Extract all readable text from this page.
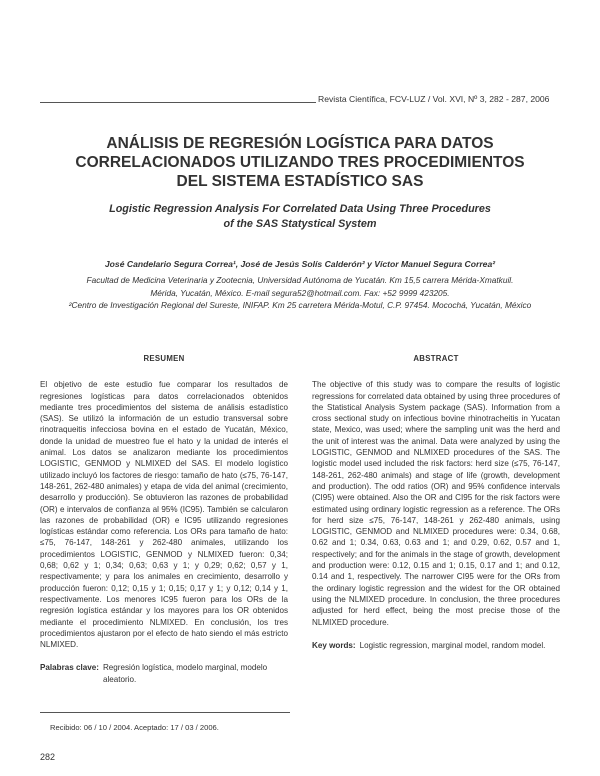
Revista Científica, FCV-LUZ / Vol. XVI, Nº 3, 282 - 287, 2006
ANÁLISIS DE REGRESIÓN LOGÍSTICA PARA DATOS
CORRELACIONADOS UTILIZANDO TRES PROCEDIMIENTOS
DEL SISTEMA ESTADÍSTICO SAS
Logistic Regression Analysis For Correlated Data Using Three Procedures
of the SAS Statystical System
José Candelario Segura Correa¹, José de Jesús Solís Calderón² y Víctor Manuel Segura Correa²
Facultad de Medicina Veterinaria y Zootecnia, Universidad Autónoma de Yucatán. Km 15,5 carrera Mérida-Xmatkuil.
Mérida, Yucatán, México. E-mail segura52@hotmail.com. Fax: +52 9999 423205.
²Centro de Investigación Regional del Sureste, INIFAP. Km 25 carretera Mérida-Motul, C.P. 97454. Mocochá, Yucatán, México
RESUMEN

El objetivo de este estudio fue comparar los resultados de regresiones logísticas para datos correlacionados obtenidos mediante tres procedimientos del sistema de análisis estadístico (SAS). Se utilizó la información de un estudio transversal sobre rinotraqueitis infecciosa bovina en el estado de Yucatán, México, donde la unidad de muestreo fue el hato y la unidad de interés el animal. Los datos se analizaron mediante los procedimientos LOGISTIC, GENMOD y NLMIXED del SAS. El modelo logístico utilizado incluyó los factores de riesgo: tamaño de hato (≤75, 76-147, 148-261, 262-480 animales) y etapa de vida del animal (crecimiento, desarrollo y producción). Se obtuvieron las razones de probabilidad (OR) e intervalos de confianza al 95% (IC95). También se calcularon las razones de probabilidad (OR) e IC95 utilizando regresiones logísticas estándar como referencia. Los ORs para tamaño de hato: ≤75, 76-147, 148-261 y 262-480 animales, utilizando los procedimientos LOGISTIC, GENMOD y NLMIXED fueron: 0,34; 0,68; 0,62 y 1; 0,34; 0,63; 0,63 y 1; y 0,29; 0,62; 0,57 y 1, respectivamente; y para los animales en crecimiento, desarrollo y producción fueron: 0,12; 0,15 y 1; 0,15; 0,17 y 1; y 0,12; 0,14 y 1, respectivamente. Los menores IC95 fueron para los ORs de la regresión logística estándar y los mayores para los OR obtenidos mediante el procedimiento NLMIXED. En conclusión, los tres procedimientos ajustaron por el efecto de hato siendo el más estricto NLMIXED.

Palabras clave: Regresión logística, modelo marginal, modelo aleatorio.
ABSTRACT

The objective of this study was to compare the results of logistic regressions for correlated data obtained by using three procedures of the Statistical Analysis System package (SAS). Information from a cross sectional study on infectious bovine rhinotracheitis in Yucatan state, Mexico, was used; where the sampling unit was the herd and the unit of interest was the animal. Data were analyzed by using the LOGISTIC, GENMOD and NLMIXED procedures of the SAS. The logistic model used included the risk factors: herd size (≤75, 76-147, 148-261, 262-480 animals) and stage of life (growth, development and production). The odd ratios (OR) and 95% confidence intervals (CI95) were obtained. Also the OR and CI95 for the risk factors were estimated using ordinary logistic regression as a reference. The ORs for herd size ≤75, 76-147, 148-261 y 262-480 animals, using LOGISTIC, GENMOD and NLMIXED procedures were: 0.34, 0.68, 0.62 and 1; 0.34, 0.63, 0.63 and 1; and 0.29, 0.62, 0.57 and 1, respectively; and for the animals in the stage of growth, development and production were: 0.12, 0.15 and 1; 0.15, 0.17 and 1; and 0.12, 0.14 and 1, respectively. The narrower CI95 were for the ORs from the ordinary logistic regression and the widest for the OR obtained using the NLMIXED procedure. In conclusion, the three procedures adjusted for herd effect, being the most precise those of the NLMIXED procedure.

Key words: Logistic regression, marginal model, random model.
Recibido: 06 / 10 / 2004. Aceptado: 17 / 03 / 2006.
282
